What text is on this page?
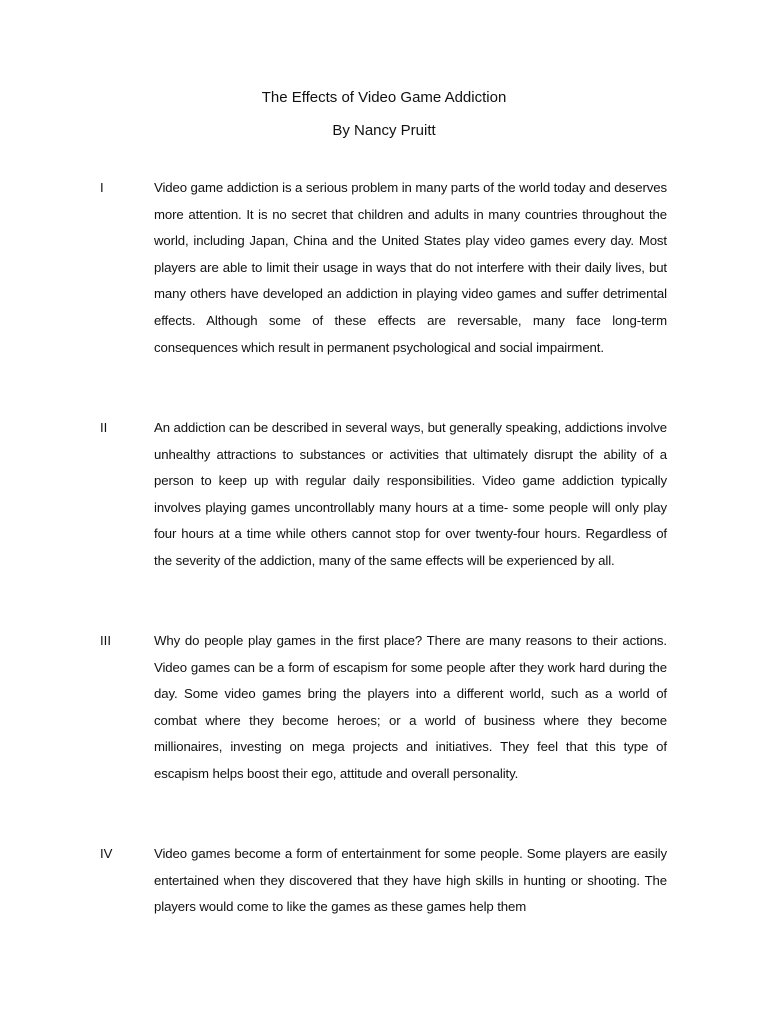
The Effects of Video Game Addiction
By Nancy Pruitt
I	Video game addiction is a serious problem in many parts of the world today and deserves more attention. It is no secret that children and adults in many countries throughout the world, including Japan, China and the United States play video games every day. Most players are able to limit their usage in ways that do not interfere with their daily lives, but many others have developed an addiction in playing video games and suffer detrimental effects. Although some of these effects are reversable, many face long-term consequences which result in permanent psychological and social impairment.

II	An addiction can be described in several ways, but generally speaking, addictions involve unhealthy attractions to substances or activities that ultimately disrupt the ability of a person to keep up with regular daily responsibilities. Video game addiction typically involves playing games uncontrollably many hours at a time- some people will only play four hours at a time while others cannot stop for over twenty-four hours. Regardless of the severity of the addiction, many of the same effects will be experienced by all.

III	Why do people play games in the first place? There are many reasons to their actions. Video games can be a form of escapism for some people after they work hard during the day. Some video games bring the players into a different world, such as a world of combat where they become heroes; or a world of business where they become millionaires, investing on mega projects and initiatives. They feel that this type of escapism helps boost their ego, attitude and overall personality.

IV	Video games become a form of entertainment for some people. Some players are easily entertained when they discovered that they have high skills in hunting or shooting. The players would come to like the games as these games help them
